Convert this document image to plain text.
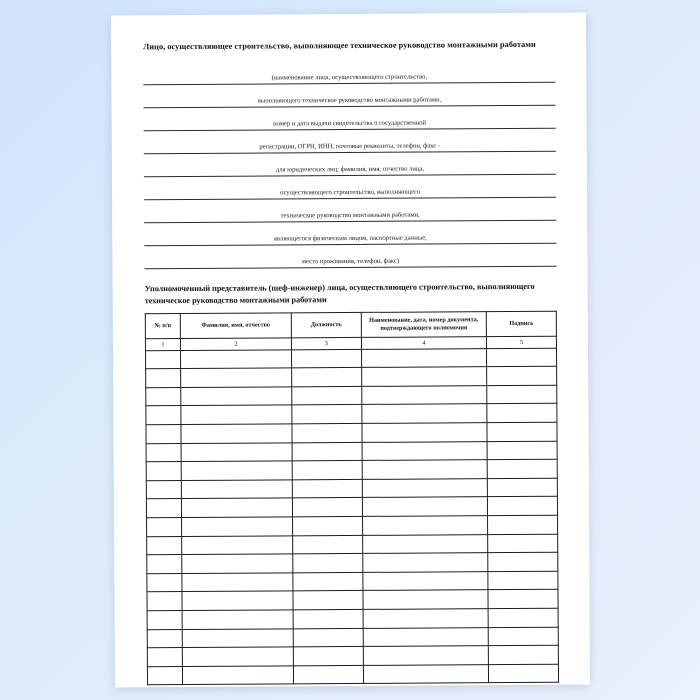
Лицо, осуществляющее строительство, выполняющее техническое руководство монтажными работами
(наименование лица, осуществляющего строительство,
выполняющего техническое руководство монтажными работами,
номер и дата выдачи свидетельства о государственной
регистрации, ОГРН, ИНН, почтовые реквизиты, телефон, факс -
для юридических лиц; фамилия, имя, отчество лица,
осуществляющего строительство, выполняющего
техническое руководство монтажными работами,
являющегося физическим лицом, паспортные данные,
место проживания, телефон, факс)
Уполномоченный представитель (шеф-инженер) лица, осуществляющего строительство, выполняющего техническое руководство монтажными работами
№ п/п	Фамилия, имя, отчество	Должность	Наименование, дата, номер документа, подтверждающего полномочия	Подпись
1	2	3	4	5
